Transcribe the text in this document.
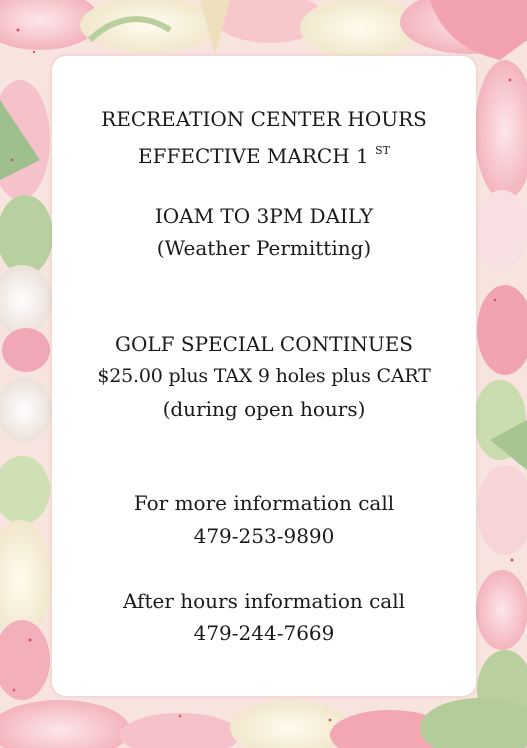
RECREATION CENTER HOURS
EFFECTIVE MARCH 1 $^{ST}$
IOAM TO 3PM DAILY
(Weather Permitting)
GOLF SPECIAL CONTINUES
$25.00 plus TAX 9 holes plus CART
(during open hours)
For more information call
479-253-9890
After hours information call
479-244-7669
